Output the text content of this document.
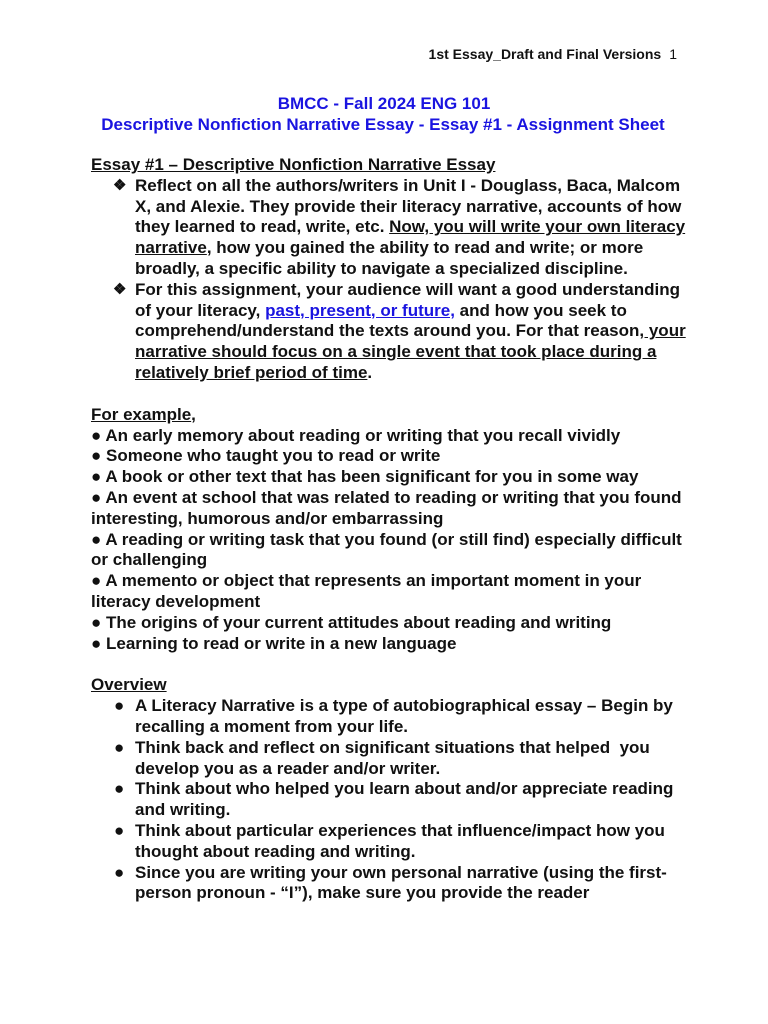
1st Essay_Draft and Final Versions 1
BMCC - Fall 2024 ENG 101
Descriptive Nonfiction Narrative Essay - Essay #1 - Assignment Sheet
Essay #1 – Descriptive Nonfiction Narrative Essay
❖ Reflect on all the authors/writers in Unit I - Douglass, Baca, Malcom X, and Alexie. They provide their literacy narrative, accounts of how they learned to read, write, etc. Now, you will write your own literacy narrative, how you gained the ability to read and write; or more broadly, a specific ability to navigate a specialized discipline.
❖ For this assignment, your audience will want a good understanding of your literacy, past, present, or future, and how you seek to comprehend/understand the texts around you. For that reason, your narrative should focus on a single event that took place during a relatively brief period of time.
For example,
● An early memory about reading or writing that you recall vividly
● Someone who taught you to read or write
● A book or other text that has been significant for you in some way
● An event at school that was related to reading or writing that you found interesting, humorous and/or embarrassing
● A reading or writing task that you found (or still find) especially difficult or challenging
● A memento or object that represents an important moment in your literacy development
● The origins of your current attitudes about reading and writing
● Learning to read or write in a new language
Overview
● A Literacy Narrative is a type of autobiographical essay – Begin by recalling a moment from your life.
● Think back and reflect on significant situations that helped  you develop you as a reader and/or writer.
● Think about who helped you learn about and/or appreciate reading and writing.
● Think about particular experiences that influence/impact how you thought about reading and writing.
● Since you are writing your own personal narrative (using the first-person pronoun - “I”), make sure you provide the reader
